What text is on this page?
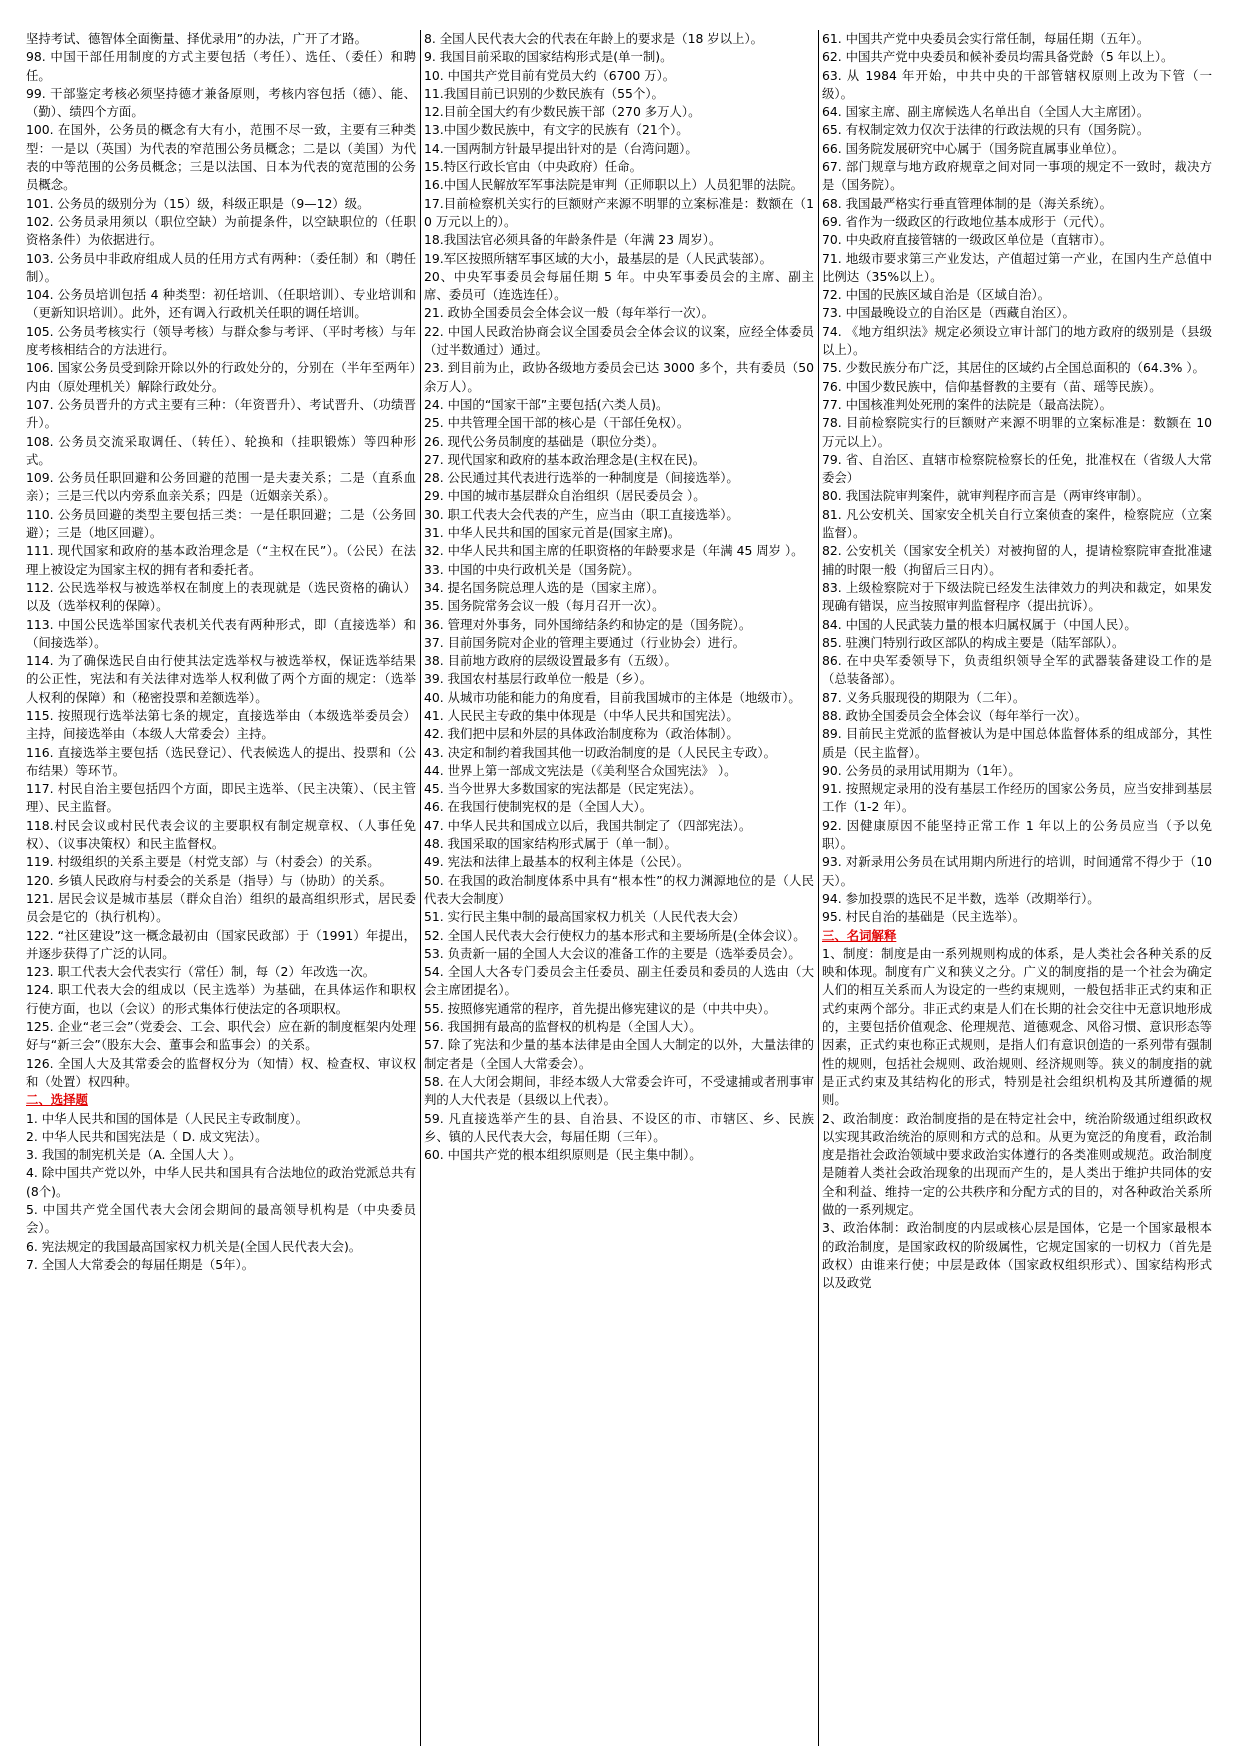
坚持考试、德智体全面衡量、择优录用”的办法，广开了才路。

98. 中国干部任用制度的方式主要包括（考任）、选任、（委任）和聘任。

99. 干部鉴定考核必须坚持德才兼备原则，考核内容包括（德）、能、（勤）、绩四个方面。

100. 在国外，公务员的概念有大有小，范围不尽一致，主要有三种类型：一是以（英国）为代表的窄范围公务员概念；二是以（美国）为代表的中等范围的公务员概念；三是以法国、日本为代表的宽范围的公务员概念。

101. 公务员的级别分为（15）级，科级正职是（9—12）级。

102. 公务员录用须以（职位空缺）为前提条件，以空缺职位的（任职资格条件）为依据进行。

103. 公务员中非政府组成人员的任用方式有两种：（委任制）和（聘任制）。

104. 公务员培训包括 4 种类型：初任培训、（任职培训）、专业培训和（更新知识培训）。此外，还有调入行政机关任职的调任培训。

105. 公务员考核实行（领导考核）与群众参与考评、（平时考核）与年度考核相结合的方法进行。

106. 国家公务员受到除开除以外的行政处分的，分别在（半年至两年）内由（原处理机关）解除行政处分。

107. 公务员晋升的方式主要有三种：（年资晋升）、考试晋升、（功绩晋升）。

108. 公务员交流采取调任、（转任）、轮换和（挂职锻炼）等四种形式。

109. 公务员任职回避和公务回避的范围一是夫妻关系；二是（直系血亲）；三是三代以内旁系血亲关系；四是（近姻亲关系）。

110. 公务员回避的类型主要包括三类：一是任职回避；二是（公务回避）；三是（地区回避）。

111. 现代国家和政府的基本政治理念是（“主权在民”）。（公民）在法理上被设定为国家主权的拥有者和委托者。

112. 公民选举权与被选举权在制度上的表现就是（选民资格的确认）以及（选举权利的保障）。

113. 中国公民选举国家代表机关代表有两种形式，即（直接选举）和（间接选举）。

114. 为了确保选民自由行使其法定选举权与被选举权，保证选举结果的公正性，宪法和有关法律对选举人权利做了两个方面的规定：（选举人权利的保障）和（秘密投票和差额选举）。

115. 按照现行选举法第七条的规定，直接选举由（本级选举委员会）主持，间接选举由（本级人大常委会）主持。

116. 直接选举主要包括（选民登记）、代表候选人的提出、投票和（公布结果）等环节。

117. 村民自治主要包括四个方面，即民主选举、（民主决策）、（民主管理）、民主监督。

118.村民会议或村民代表会议的主要职权有制定规章权、（人事任免权）、（议事决策权）和民主监督权。

119. 村级组织的关系主要是（村党支部）与（村委会）的关系。

120. 乡镇人民政府与村委会的关系是（指导）与（协助）的关系。

121. 居民会议是城市基层（群众自治）组织的最高组织形式，居民委员会是它的（执行机构）。

122. “社区建设”这一概念最初由（国家民政部）于（1991）年提出，并逐步获得了广泛的认同。

123. 职工代表大会代表实行（常任）制，每（2）年改选一次。

124. 职工代表大会的组成以（民主选举）为基础，在具体运作和职权行使方面，也以（会议）的形式集体行使法定的各项职权。

125. 企业“老三会”（党委会、工会、职代会）应在新的制度框架内处理好与“新三会”（股东大会、董事会和监事会）的关系。

126. 全国人大及其常委会的监督权分为（知情）权、检查权、审议权和（处置）权四种。

二、选择题

1. 中华人民共和国的国体是（人民民主专政制度）。

2. 中华人民共和国宪法是（ D. 成文宪法）。

3. 我国的制宪机关是（A. 全国人大 ）。

4. 除中国共产党以外，中华人民共和国具有合法地位的政治党派总共有(8个)。

5. 中国共产党全国代表大会闭会期间的最高领导机构是（中央委员会）。

6. 宪法规定的我国最高国家权力机关是(全国人民代表大会)。

7. 全国人大常委会的每届任期是（5年）。

8. 全国人民代表大会的代表在年龄上的要求是（18 岁以上）。

9. 我国目前采取的国家结构形式是(单一制)。

10. 中国共产党目前有党员大约（6700 万）。

11.我国目前已识别的少数民族有（55个）。

12.目前全国大约有少数民族干部（270 多万人）。

13.中国少数民族中，有文字的民族有（21个）。

14.一国两制方针最早提出针对的是（台湾问题）。

15.特区行政长官由（中央政府）任命。

16.中国人民解放军军事法院是审判（正师职以上）人员犯罪的法院。

17.目前检察机关实行的巨额财产来源不明罪的立案标准是：数额在（10 万元以上的）。

18.我国法官必须具备的年龄条件是（年满 23 周岁）。

19.军区按照所辖军事区域的大小，最基层的是（人民武装部）。

20、中央军事委员会每届任期 5 年。中央军事委员会的主席、副主席、委员可（连选连任）。

21. 政协全国委员会全体会议一般（每年举行一次）。

22. 中国人民政治协商会议全国委员会全体会议的议案，应经全体委员（过半数通过）通过。

23. 到目前为止，政协各级地方委员会已达 3000 多个，共有委员（50 余万人）。

24. 中国的“国家干部”主要包括(六类人员)。

25. 中共管理全国干部的核心是（干部任免权）。

26. 现代公务员制度的基础是（职位分类）。

27. 现代国家和政府的基本政治理念是(主权在民)。

28. 公民通过其代表进行选举的一种制度是（间接选举）。

29. 中国的城市基层群众自治组织（居民委员会 ）。

30. 职工代表大会代表的产生，应当由（职工直接选举）。

31. 中华人民共和国的国家元首是(国家主席)。

32. 中华人民共和国主席的任职资格的年龄要求是（年满 45 周岁 ）。

33. 中国的中央行政机关是（国务院）。

34. 提名国务院总理人选的是（国家主席）。

35. 国务院常务会议一般（每月召开一次）。

36. 管理对外事务，同外国缔结条约和协定的是（国务院）。

37. 目前国务院对企业的管理主要通过（行业协会）进行。

38. 目前地方政府的层级设置最多有（五级）。

39. 我国农村基层行政单位一般是（乡）。

40. 从城市功能和能力的角度看，目前我国城市的主体是（地级市）。

41. 人民民主专政的集中体现是（中华人民共和国宪法）。

42. 我们把中层和外层的具体政治制度称为（政治体制）。

43. 决定和制约着我国其他一切政治制度的是（人民民主专政）。

44. 世界上第一部成文宪法是（《美利坚合众国宪法》 ）。

45. 当今世界大多数国家的宪法都是（民定宪法）。

46. 在我国行使制宪权的是（全国人大）。

47. 中华人民共和国成立以后，我国共制定了（四部宪法）。

48. 我国采取的国家结构形式属于（单一制）。

49. 宪法和法律上最基本的权利主体是（公民）。

50. 在我国的政治制度体系中具有“根本性”的权力渊源地位的是（人民代表大会制度）

51. 实行民主集中制的最高国家权力机关（人民代表大会）

52. 全国人民代表大会行使权力的基本形式和主要场所是(全体会议）。

53. 负责新一届的全国人大会议的准备工作的主要是（选举委员会）。

54. 全国人大各专门委员会主任委员、副主任委员和委员的人选由（大会主席团提名）。

55. 按照修宪通常的程序，首先提出修宪建议的是（中共中央）。

56. 我国拥有最高的监督权的机构是（全国人大）。

57. 除了宪法和少量的基本法律是由全国人大制定的以外，大量法律的制定者是（全国人大常委会）。

58. 在人大闭会期间，非经本级人大常委会许可，不受逮捕或者刑事审判的人大代表是（县级以上代表）。

59. 凡直接选举产生的县、自治县、不设区的市、市辖区、乡、民族乡、镇的人民代表大会，每届任期（三年）。

60. 中国共产党的根本组织原则是（民主集中制）。

61. 中国共产党中央委员会实行常任制，每届任期（五年）。

62. 中国共产党中央委员和候补委员均需具备党龄（5 年以上）。

63. 从 1984 年开始，中共中央的干部管辖权原则上改为下管（一级）。

64. 国家主席、副主席候选人名单出自（全国人大主席团）。

65. 有权制定效力仅次于法律的行政法规的只有（国务院）。

66. 国务院发展研究中心属于（国务院直属事业单位）。

67. 部门规章与地方政府规章之间对同一事项的规定不一致时，裁决方是（国务院）。

68. 我国最严格实行垂直管理体制的是（海关系统）。

69. 省作为一级政区的行政地位基本成形于（元代）。

70. 中央政府直接管辖的一级政区单位是（直辖市）。

71. 地级市要求第三产业发达，产值超过第一产业，在国内生产总值中比例达（35%以上）。

72. 中国的民族区域自治是（区域自治）。

73. 中国最晚设立的自治区是（西藏自治区）。

74. 《地方组织法》规定必须设立审计部门的地方政府的级别是（县级以上）。

75. 少数民族分布广泛，其居住的区域约占全国总面积的（64.3% ）。

76. 中国少数民族中，信仰基督教的主要有（苗、瑶等民族）。

77. 中国核准判处死刑的案件的法院是（最高法院）。

78. 目前检察院实行的巨额财产来源不明罪的立案标准是：数额在 10 万元以上）。

79. 省、自治区、直辖市检察院检察长的任免，批准权在（省级人大常委会）

80. 我国法院审判案件，就审判程序而言是（两审终审制）。

81. 凡公安机关、国家安全机关自行立案侦查的案件，检察院应（立案监督）。

82. 公安机关（国家安全机关）对被拘留的人，提请检察院审查批准逮捕的时限一般（拘留后三日内）。

83. 上级检察院对于下级法院已经发生法律效力的判决和裁定，如果发现确有错误，应当按照审判监督程序（提出抗诉）。

84. 中国的人民武装力量的根本归属权属于（中国人民）。

85. 驻澳门特别行政区部队的构成主要是（陆军部队）。

86. 在中央军委领导下，负责组织领导全军的武器装备建设工作的是（总装备部）。

87. 义务兵服现役的期限为（二年）。

88. 政协全国委员会全体会议（每年举行一次）。

89. 目前民主党派的监督被认为是中国总体监督体系的组成部分，其性质是（民主监督）。

90. 公务员的录用试用期为（1年）。

91. 按照规定录用的没有基层工作经历的国家公务员，应当安排到基层工作（1-2 年）。

92. 因健康原因不能坚持正常工作 1 年以上的公务员应当（予以免职）。

93. 对新录用公务员在试用期内所进行的培训，时间通常不得少于（10 天）。

94. 参加投票的选民不足半数，选举（改期举行）。

95. 村民自治的基础是（民主选举）。

三、名词解释

1、制度：制度是由一系列规则构成的体系，是人类社会各种关系的反映和体现。制度有广义和狭义之分。广义的制度指的是一个社会为确定人们的相互关系而人为设定的一些约束规则，一般包括非正式约束和正式约束两个部分。非正式约束是人们在长期的社会交往中无意识地形成的，主要包括价值观念、伦理规范、道德观念、风俗习惯、意识形态等因素，正式约束也称正式规则，是指人们有意识创造的一系列带有强制性的规则，包括社会规则、政治规则、经济规则等。狭义的制度指的就是正式约束及其结构化的形式，特别是社会组织机构及其所遵循的规则。

2、政治制度：政治制度指的是在特定社会中，统治阶级通过组织政权以实现其政治统治的原则和方式的总和。从更为宽泛的角度看，政治制度是指社会政治领域中要求政治实体遵行的各类准则或规范。政治制度是随着人类社会政治现象的出现而产生的，是人类出于维护共同体的安全和利益、维持一定的公共秩序和分配方式的目的，对各种政治关系所做的一系列规定。

3、政治体制：政治制度的内层或核心层是国体，它是一个国家最根本的政治制度，是国家政权的阶级属性，它规定国家的一切权力（首先是政权）由谁来行使；中层是政体（国家政权组织形式）、国家结构形式以及政党
